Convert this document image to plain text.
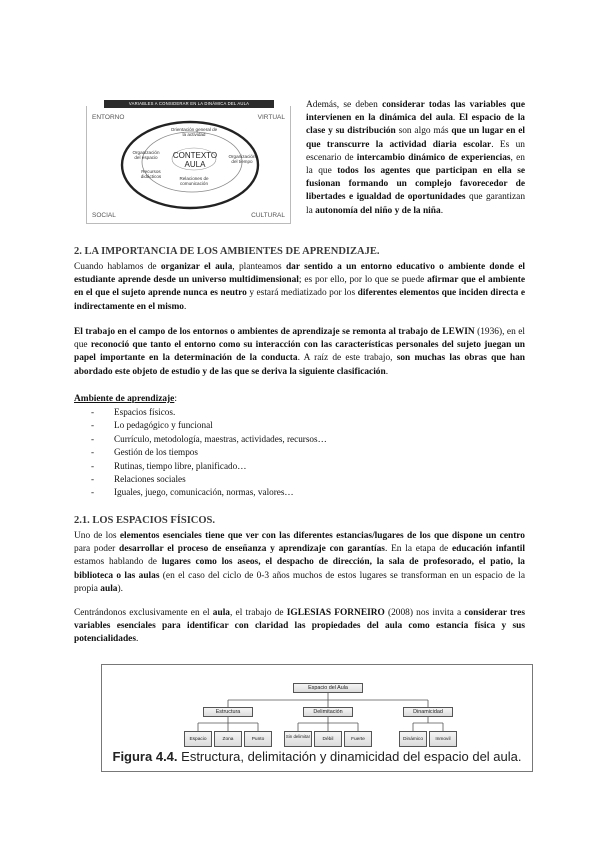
VARIABLES A CONSIDERAR EN LA DINÁMICA DEL AULA
ENTORNO	VIRTUAL
SOCIAL	CULTURAL
CONTEXTO
AULA
Orientación general de la actividad
Organización del espacio	Organización del tiempo
Recursos didácticos	Relaciones de comunicación

Además, se deben considerar todas las variables que intervienen en la dinámica del aula. El espacio de la clase y su distribución son algo más que un lugar en el que transcurre la actividad diaria escolar. Es un escenario de intercambio dinámico de experiencias, en la que todos los agentes que participan en ella se fusionan formando un complejo favorecedor de libertades e igualdad de oportunidades que garantizan la autonomía del niño y de la niña.

2. LA IMPORTANCIA DE LOS AMBIENTES DE APRENDIZAJE.

Cuando hablamos de organizar el aula, planteamos dar sentido a un entorno educativo o ambiente donde el estudiante aprende desde un universo multidimensional; es por ello, por lo que se puede afirmar que el ambiente en el que el sujeto aprende nunca es neutro y estará mediatizado por los diferentes elementos que inciden directa e indirectamente en el mismo.

El trabajo en el campo de los entornos o ambientes de aprendizaje se remonta al trabajo de LEWIN (1936), en el que reconoció que tanto el entorno como su interacción con las características personales del sujeto juegan un papel importante en la determinación de la conducta. A raíz de este trabajo, son muchas las obras que han abordado este objeto de estudio y de las que se deriva la siguiente clasificación.

Ambiente de aprendizaje:
- Espacios físicos.
- Lo pedagógico y funcional
- Currículo, metodología, maestras, actividades, recursos…
- Gestión de los tiempos
- Rutinas, tiempo libre, planificado…
- Relaciones sociales
- Iguales, juego, comunicación, normas, valores…
2.1. LOS ESPACIOS FÍSICOS.

Uno de los elementos esenciales tiene que ver con las diferentes estancias/lugares de los que dispone un centro para poder desarrollar el proceso de enseñanza y aprendizaje con garantías. En la etapa de educación infantil estamos hablando de lugares como los aseos, el despacho de dirección, la sala de profesorado, el patio, la biblioteca o las aulas (en el caso del ciclo de 0-3 años muchos de estos lugares se transforman en un espacio de la propia aula).

Centrándonos exclusivamente en el aula, el trabajo de IGLESIAS FORNEIRO (2008) nos invita a considerar tres variables esenciales para identificar con claridad las propiedades del aula como estancia física y sus potencialidades.

Espacio del Aula
Estructura	Delimitación	Dinamicidad
Espacio	Zona	Punto
Sin delimitar
Débil	Fuerte	Dinámico	Inmovil
Figura 4.4. Estructura, delimitación y dinamicidad del espacio del aula.
